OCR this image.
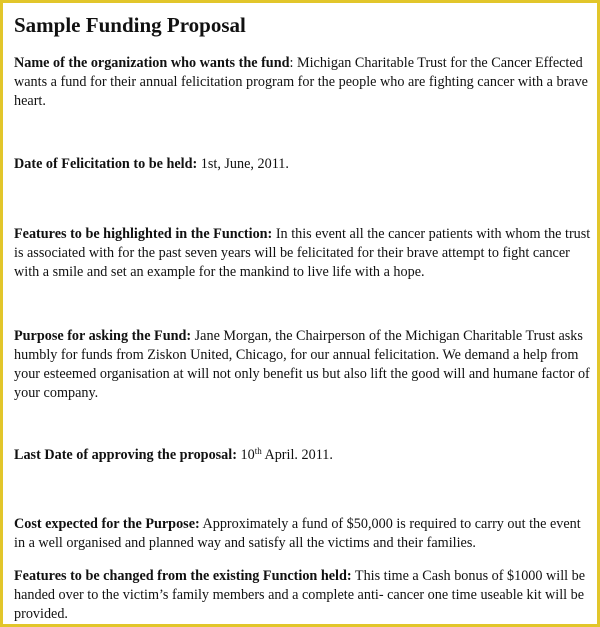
Sample Funding Proposal

Name of the organization who wants the fund: Michigan Charitable Trust for the Cancer Effected wants a fund for their annual felicitation program for the people who are fighting cancer with a brave heart.

Date of Felicitation to be held: 1st, June, 2011.

Features to be highlighted in the Function: In this event all the cancer patients with whom the trust is associated with for the past seven years will be felicitated for their brave attempt to fight cancer with a smile and set an example for the mankind to live life with a hope.

Purpose for asking the Fund: Jane Morgan, the Chairperson of the Michigan Charitable Trust asks humbly for funds from Ziskon United, Chicago, for our annual felicitation. We demand a help from your esteemed organisation at will not only benefit us but also lift the good will and humane factor of your company.

Last Date of approving the proposal: 10th April. 2011.

Cost expected for the Purpose: Approximately a fund of $50,000 is required to carry out the event in a well organised and planned way and satisfy all the victims and their families.

Features to be changed from the existing Function held: This time a Cash bonus of $1000 will be handed over to the victim’s family members and a complete anti- cancer one time useable kit will be provided.
